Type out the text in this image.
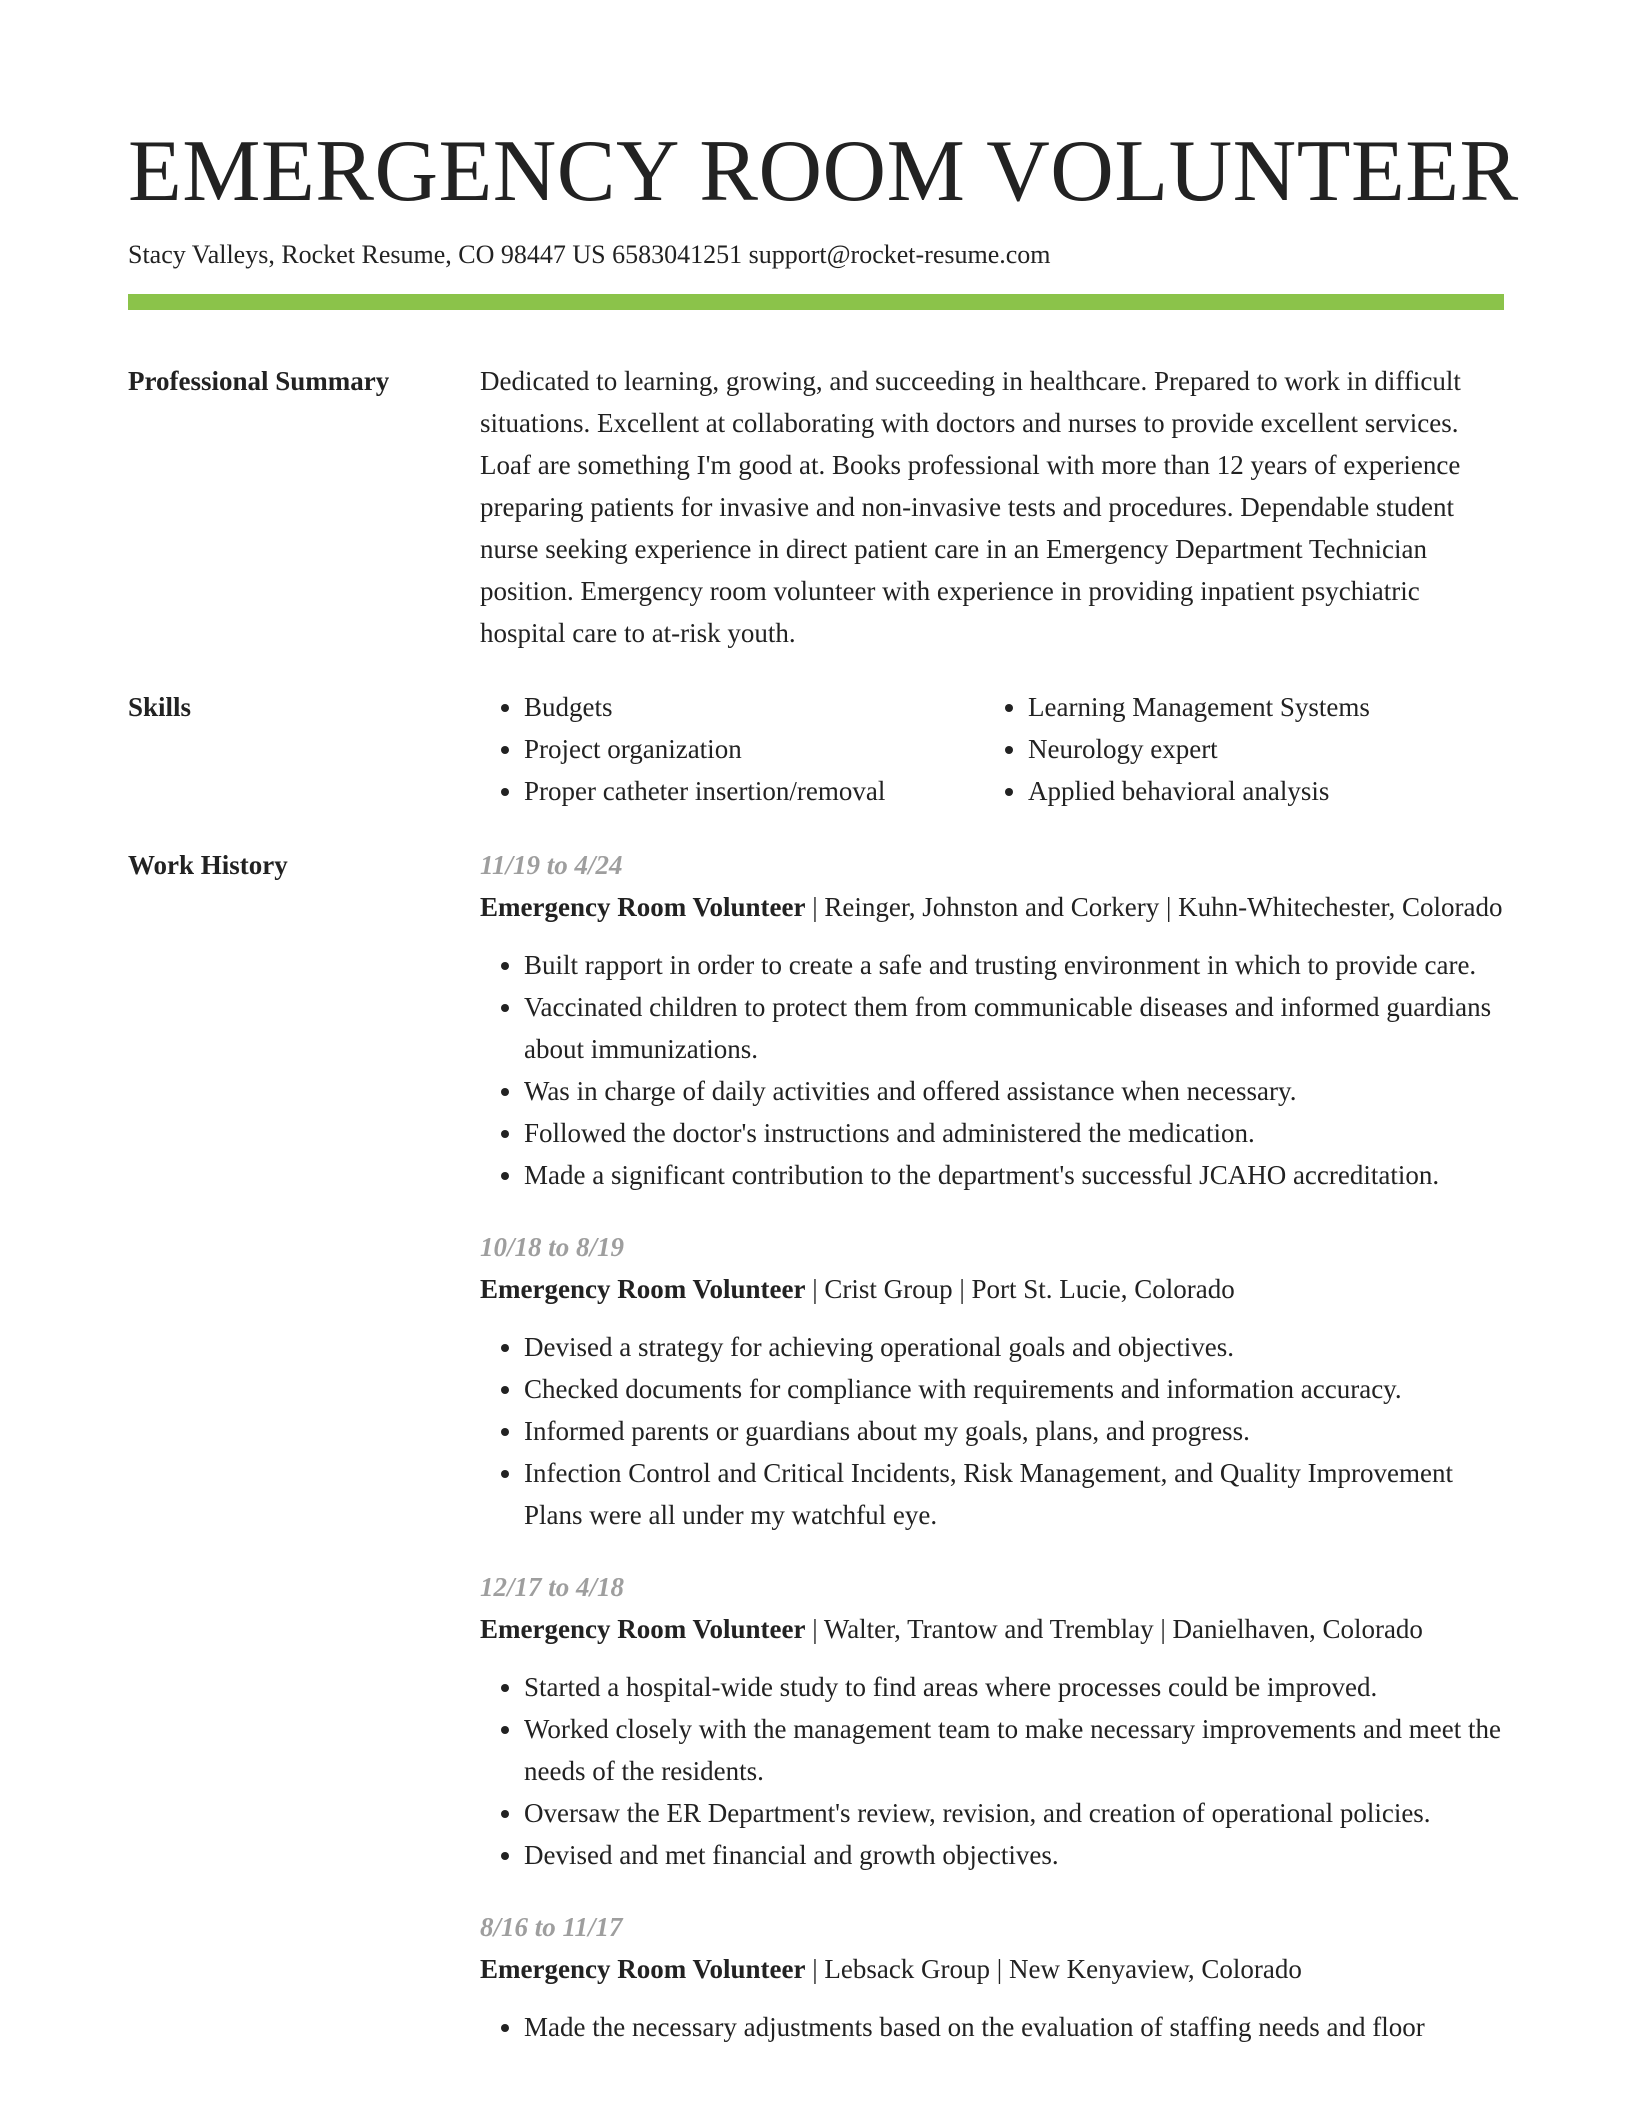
EMERGENCY ROOM VOLUNTEER
Stacy Valleys, Rocket Resume, CO 98447 US 6583041251 support@rocket-resume.com
Professional Summary	Dedicated to learning, growing, and succeeding in healthcare. Prepared to work in difficult situations. Excellent at collaborating with doctors and nurses to provide excellent services. Loaf are something I'm good at. Books professional with more than 12 years of experience preparing patients for invasive and non-invasive tests and procedures. Dependable student nurse seeking experience in direct patient care in an Emergency Department Technician position. Emergency room volunteer with experience in providing inpatient psychiatric hospital care to at-risk youth.

Skills
•	Budgets
• Project organization
• Proper catheter insertion/removal
• Learning Management Systems
• Neurology expert
• Applied behavioral analysis
Work History	11/19 to 4/24
Emergency Room Volunteer | Reinger, Johnston and Corkery | Kuhn-Whitechester, Colorado
• Built rapport in order to create a safe and trusting environment in which to provide care.
• Vaccinated children to protect them from communicable diseases and informed guardians about immunizations.
• Was in charge of daily activities and offered assistance when necessary.
• Followed the doctor's instructions and administered the medication.
• Made a significant contribution to the department's successful JCAHO accreditation.
10/18 to 8/19
Emergency Room Volunteer | Crist Group | Port St. Lucie, Colorado
• Devised a strategy for achieving operational goals and objectives.
• Checked documents for compliance with requirements and information accuracy.
• Informed parents or guardians about my goals, plans, and progress.
• Infection Control and Critical Incidents, Risk Management, and Quality Improvement Plans were all under my watchful eye.
12/17 to 4/18
Emergency Room Volunteer | Walter, Trantow and Tremblay | Danielhaven, Colorado
• Started a hospital-wide study to find areas where processes could be improved.
• Worked closely with the management team to make necessary improvements and meet the needs of the residents.
• Oversaw the ER Department's review, revision, and creation of operational policies.
• Devised and met financial and growth objectives.
8/16 to 11/17
Emergency Room Volunteer | Lebsack Group | New Kenyaview, Colorado
• Made the necessary adjustments based on the evaluation of staffing needs and floor
